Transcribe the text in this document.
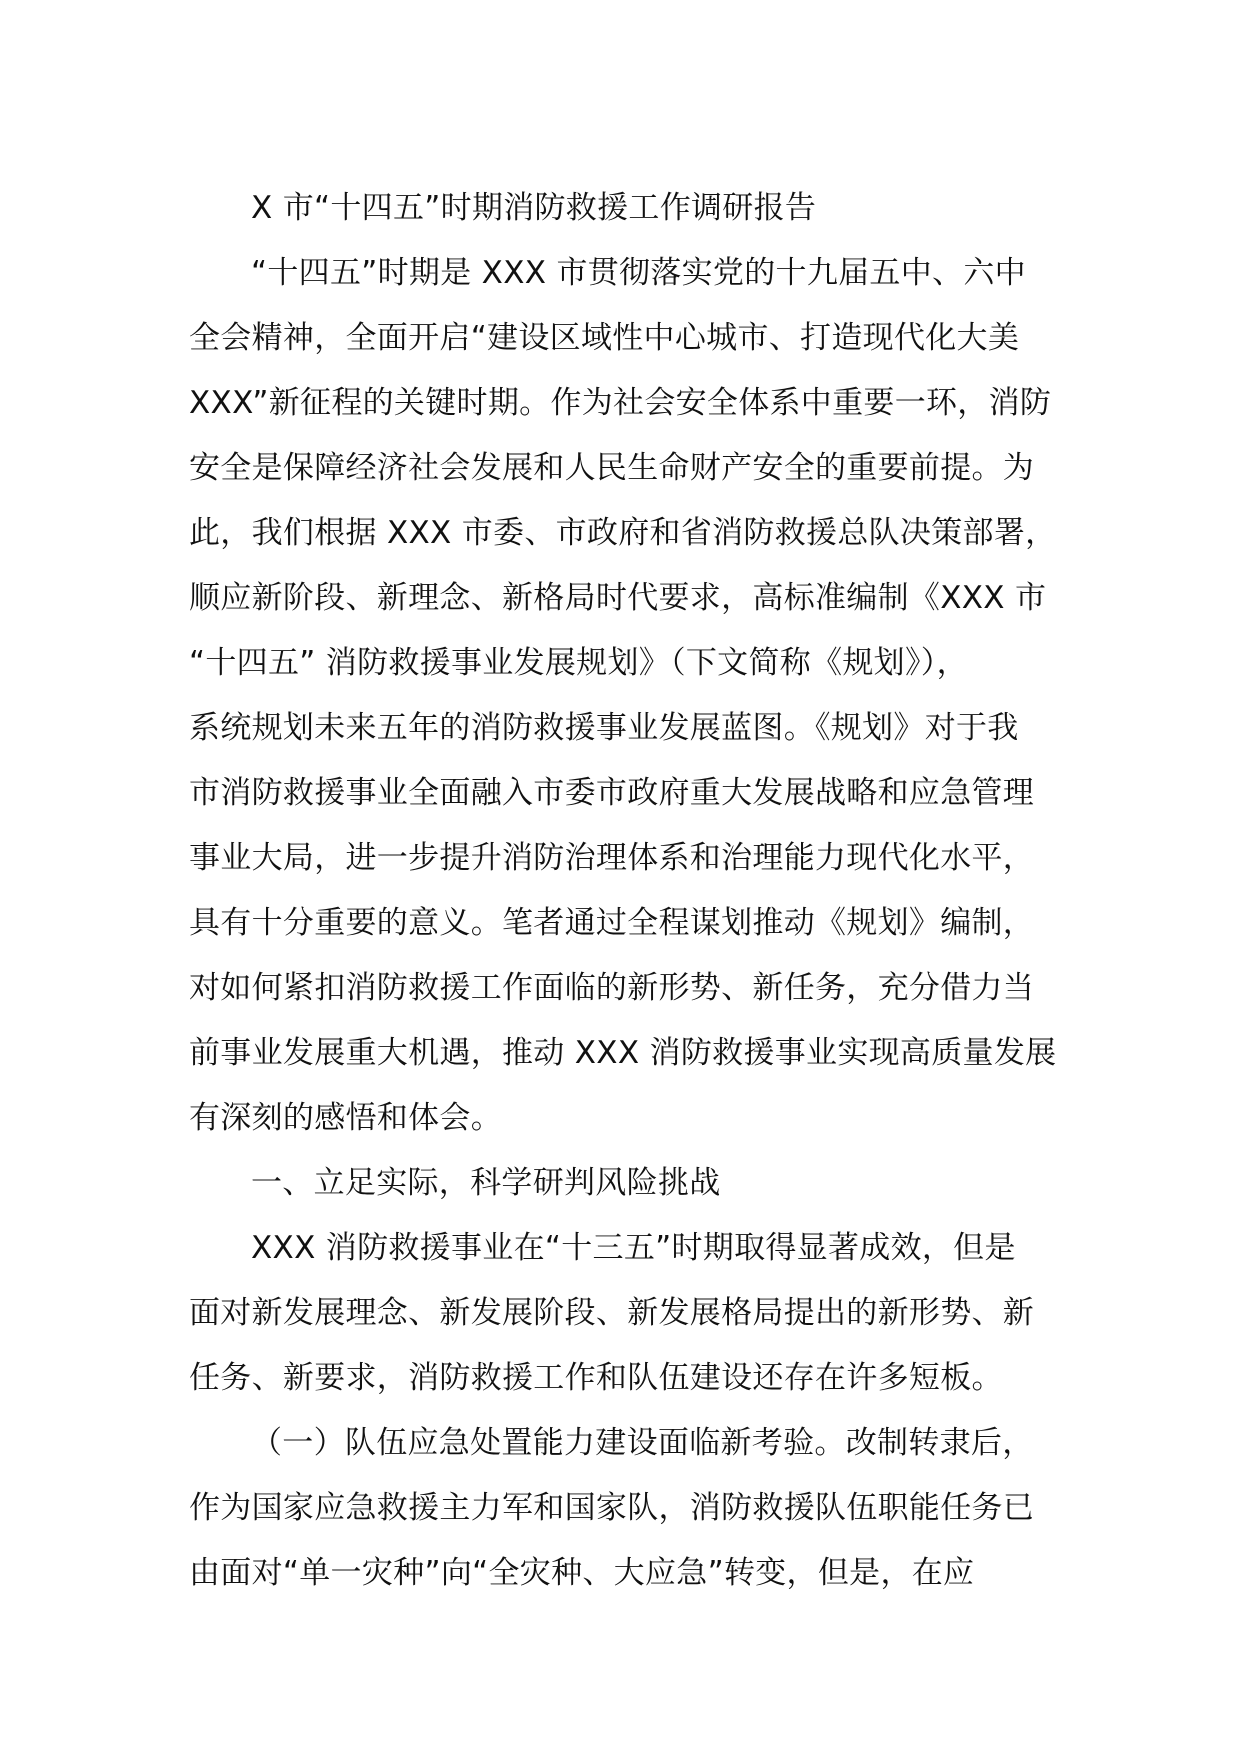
X 市“十四五”时期消防救援工作调研报告
“十四五”时期是 XXX 市贯彻落实党的十九届五中、六中
全会精神，全面开启“建设区域性中心城市、打造现代化大美
XXX”新征程的关键时期。作为社会安全体系中重要一环，消防
安全是保障经济社会发展和人民生命财产安全的重要前提。为
此，我们根据 XXX 市委、市政府和省消防救援总队决策部署，
顺应新阶段、新理念、新格局时代要求，高标准编制《XXX 市
“十四五” 消防救援事业发展规划》（下文简称《规划》），
系统规划未来五年的消防救援事业发展蓝图。《规划》对于我
市消防救援事业全面融入市委市政府重大发展战略和应急管理
事业大局，进一步提升消防治理体系和治理能力现代化水平，
具有十分重要的意义。笔者通过全程谋划推动《规划》编制，
对如何紧扣消防救援工作面临的新形势、新任务，充分借力当
前事业发展重大机遇，推动 XXX 消防救援事业实现高质量发展
有深刻的感悟和体会。
一、立足实际，科学研判风险挑战
XXX 消防救援事业在“十三五”时期取得显著成效，但是
面对新发展理念、新发展阶段、新发展格局提出的新形势、新
任务、新要求，消防救援工作和队伍建设还存在许多短板。
（一）队伍应急处置能力建设面临新考验。改制转隶后，
作为国家应急救援主力军和国家队，消防救援队伍职能任务已
由面对“单一灾种”向“全灾种、大应急”转变，但是，在应
